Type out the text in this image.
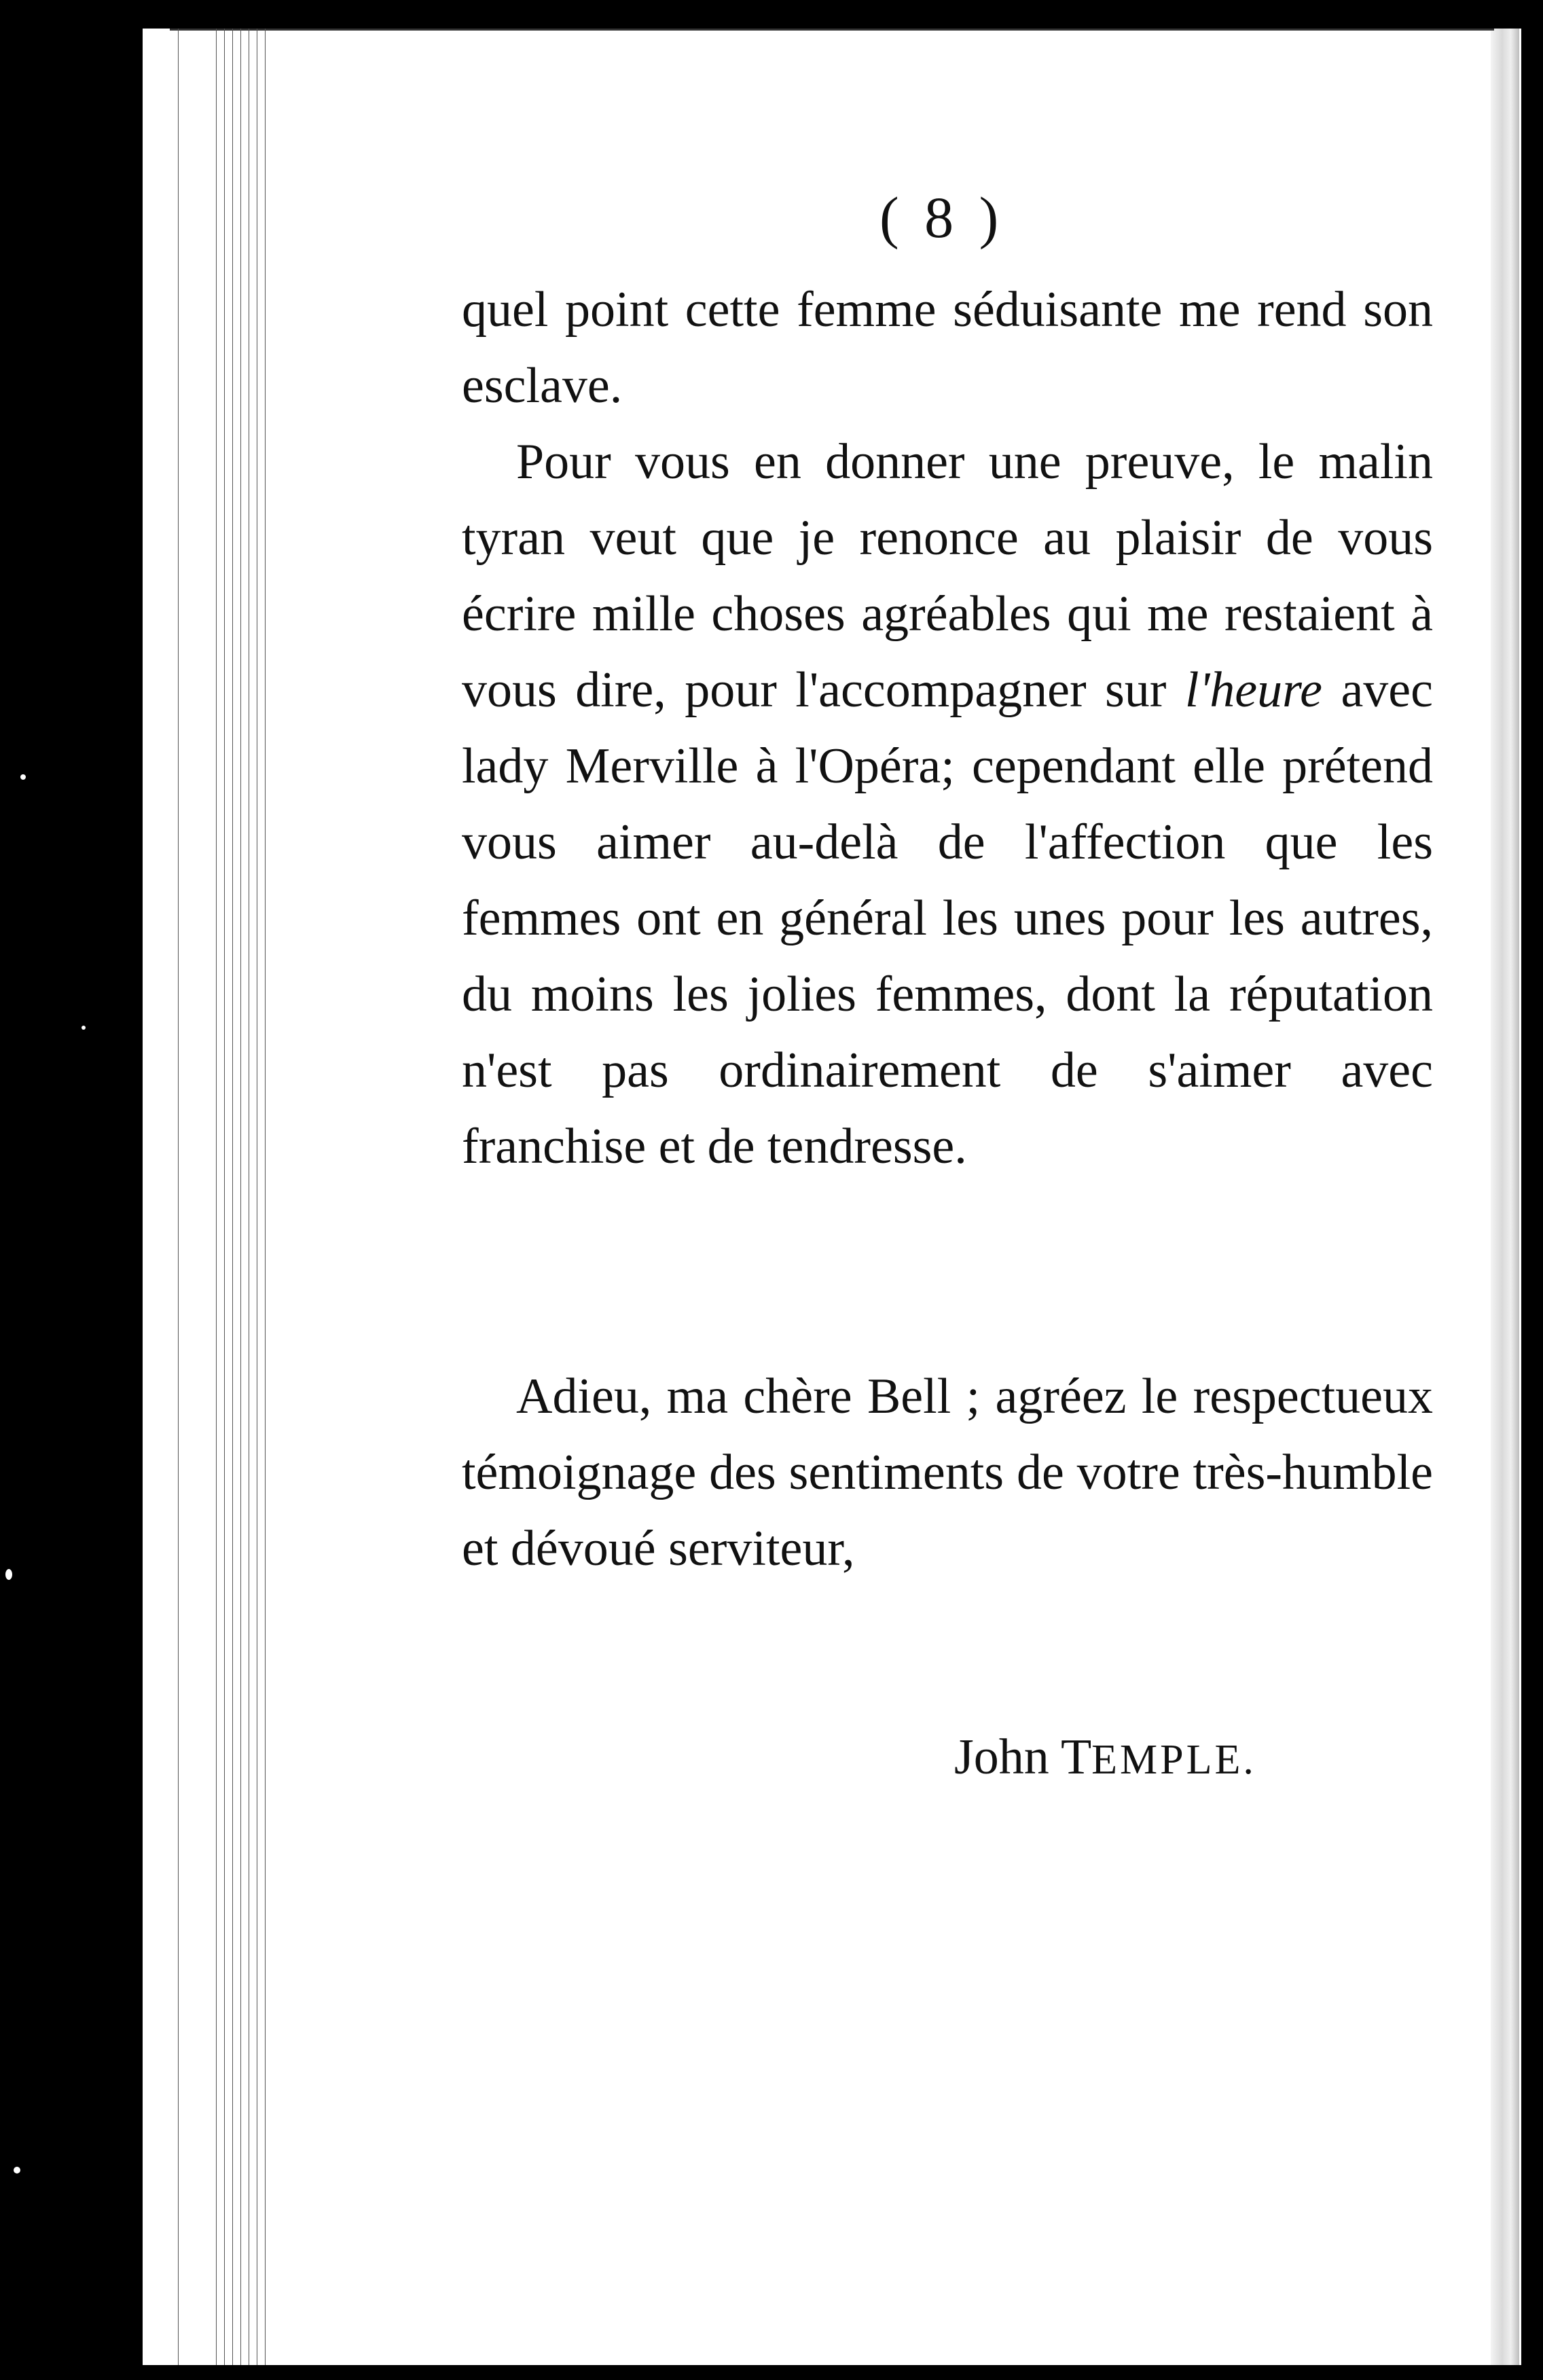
( 8 )
quel point cette femme séduisante me rend son esclave.
Pour vous en donner une preuve, le malin tyran veut que je renonce au plaisir de vous écrire mille choses agréables qui me restaient à vous dire, pour l'accompagner sur l'heure avec lady Merville à l'Opéra; cependant elle prétend vous aimer au-delà de l'affection que les femmes ont en général les unes pour les autres, du moins les jolies femmes, dont la réputation n'est pas ordinairement de s'aimer avec franchise et de tendresse.
Adieu, ma chère Bell ; agréez le respectueux témoignage des sentiments de votre très-humble et dévoué serviteur,
John TEMPLE.
